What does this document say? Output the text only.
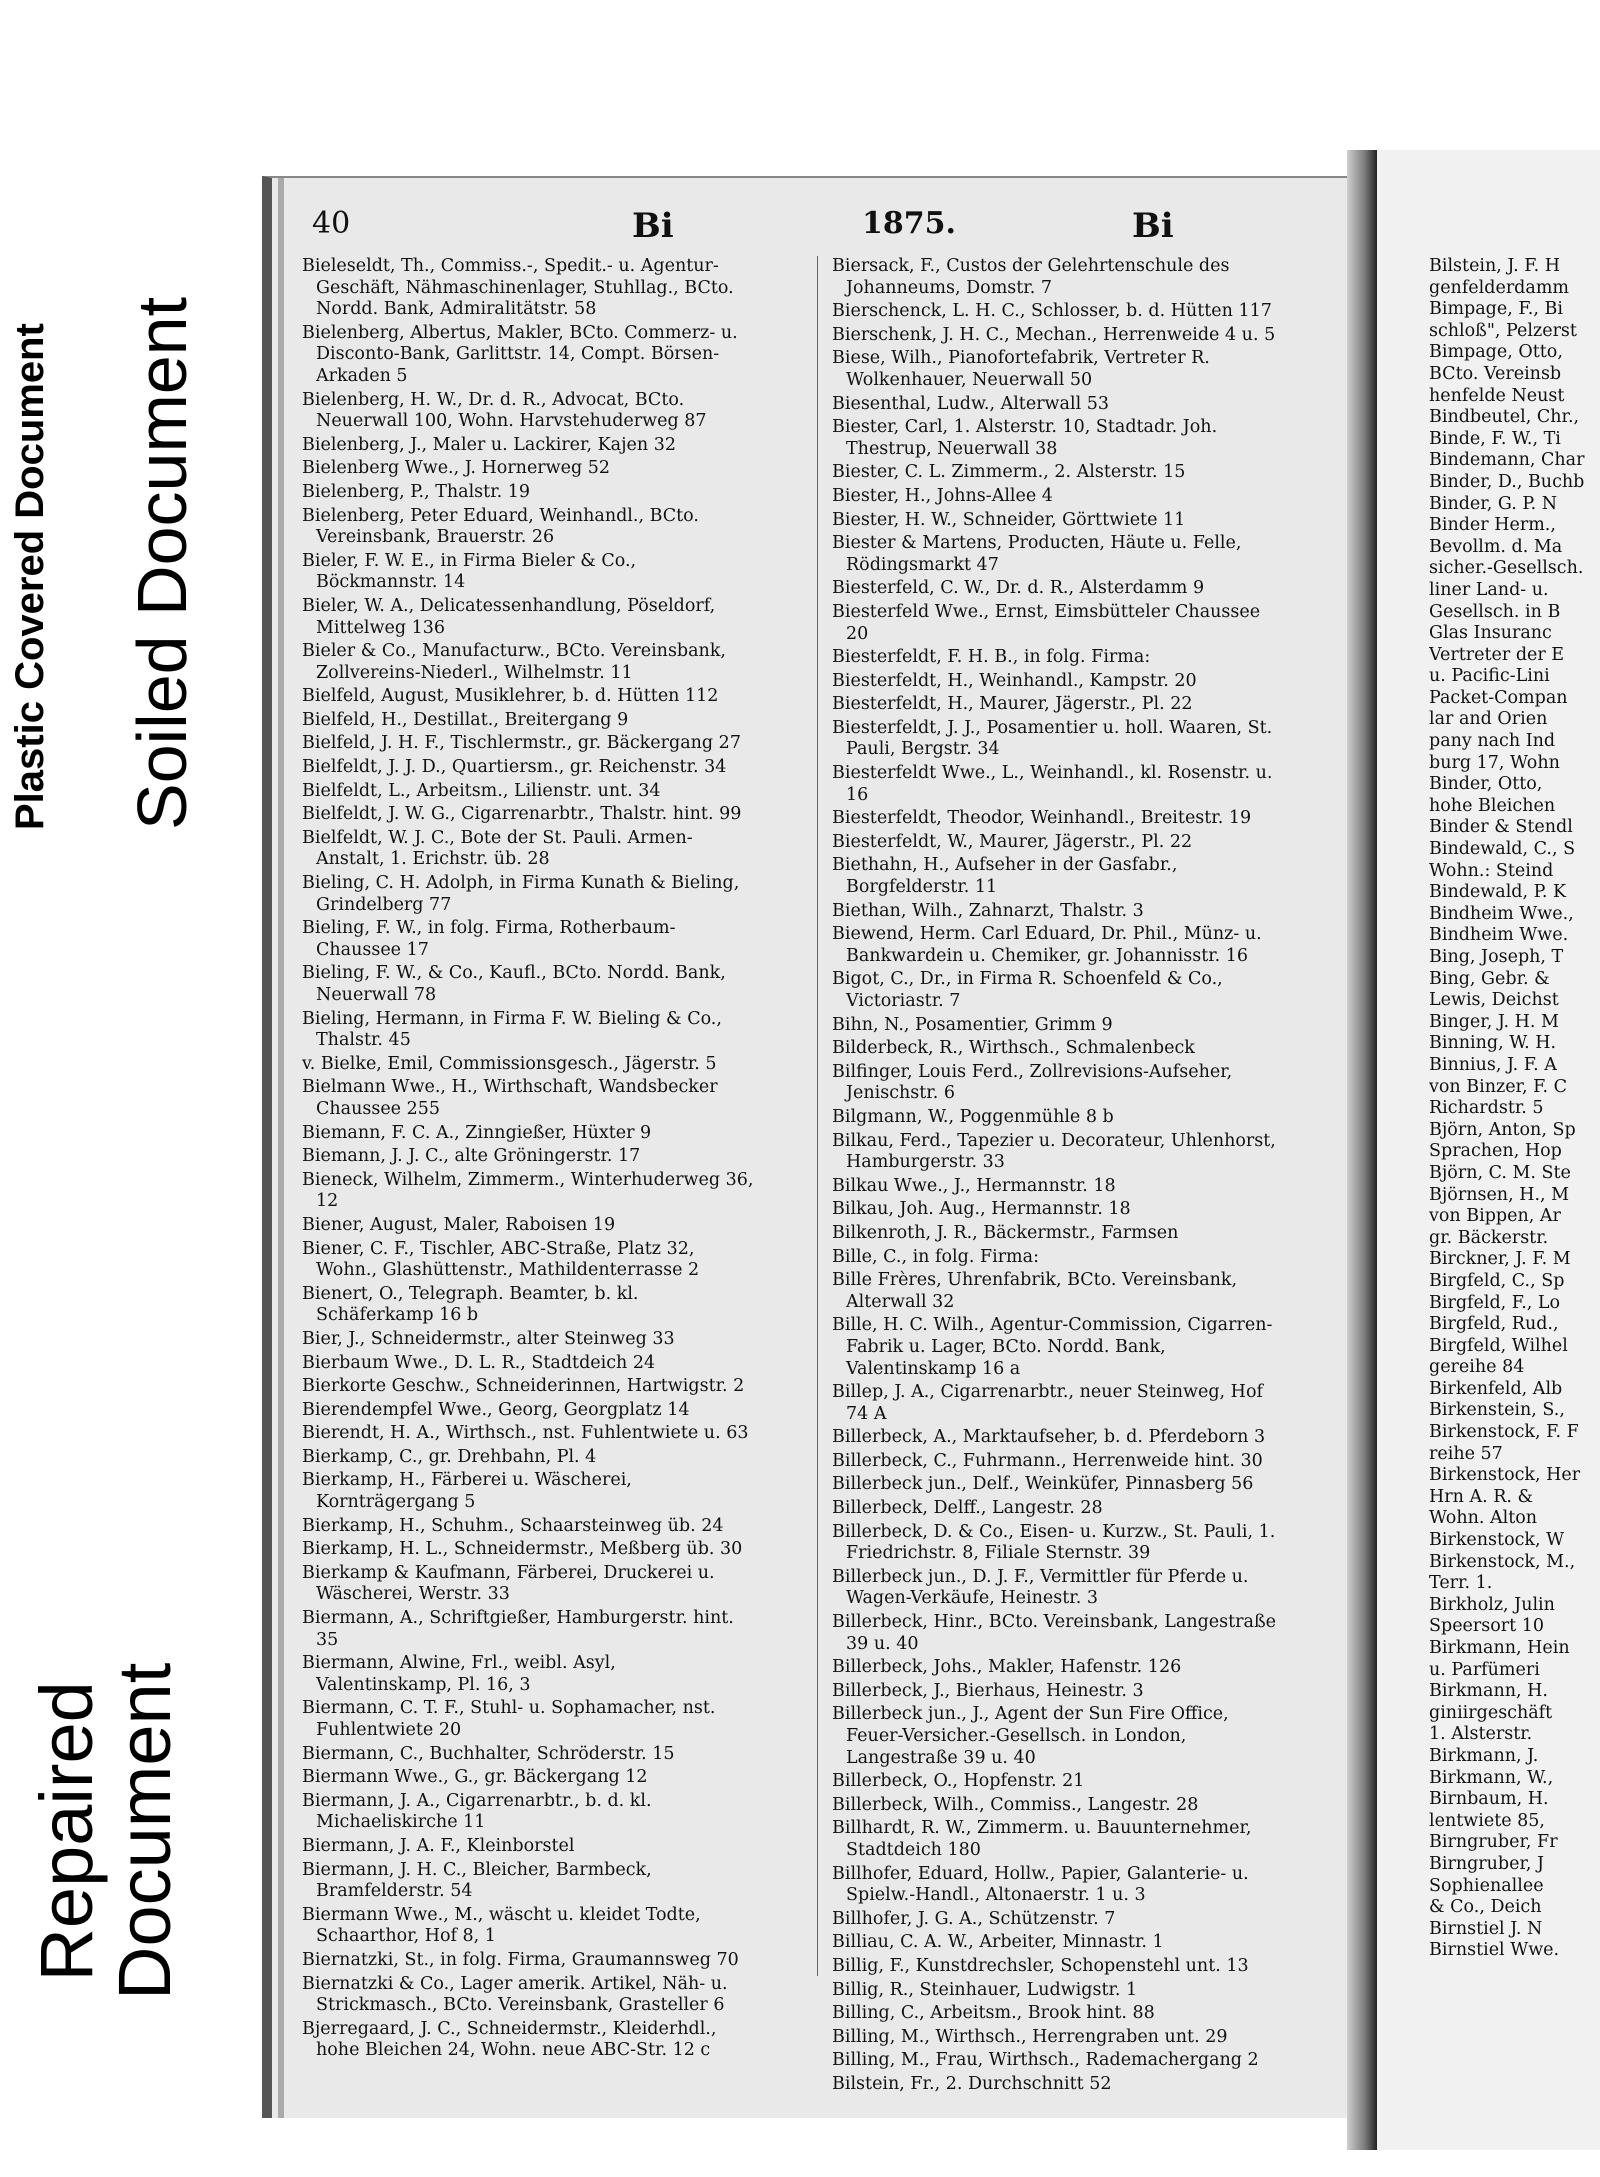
Plastic Covered Document Soiled Document
Repaired
Document
40	Bi	1875.	Bi
Bieleseldt, Th., Commiss.-, Spedit.- u. Agentur-Geschäft, Nähmaschinenlager, Stuhllag., BCto. Nordd. Bank, Admiralitätstr. 58
Bielenberg, Albertus, Makler, BCto. Commerz- u. Disconto-Bank, Garlittstr. 14, Compt. Börsen-Arkaden 5
Bielenberg, H. W., Dr. d. R., Advocat, BCto. Neuerwall 100, Wohn. Harvstehuderweg 87
Bielenberg, J., Maler u. Lackirer, Kajen 32
Bielenberg Wwe., J. Hornerweg 52
Bielenberg, P., Thalstr. 19
Bielenberg, Peter Eduard, Weinhandl., BCto. Vereinsbank, Brauerstr. 26
Bieler, F. W. E., in Firma Bieler & Co., Böckmannstr. 14
Bieler, W. A., Delicatessenhandlung, Pöseldorf, Mittelweg 136
Bieler & Co., Manufacturw., BCto. Vereinsbank, Zollvereins-Niederl., Wilhelmstr. 11
Bielfeld, August, Musiklehrer, b. d. Hütten 112
Bielfeld, H., Destillat., Breitergang 9
Bielfeld, J. H. F., Tischlermstr., gr. Bäckergang 27
Bielfeldt, J. J. D., Quartiersm., gr. Reichenstr. 34
Bielfeldt, L., Arbeitsm., Lilienstr. unt. 34
Bielfeldt, J. W. G., Cigarrenarbtr., Thalstr. hint. 99
Bielfeldt, W. J. C., Bote der St. Pauli. Armen-Anstalt, 1. Erichstr. üb. 28
Bieling, C. H. Adolph, in Firma Kunath & Bieling, Grindelberg 77
Bieling, F. W., in folg. Firma, Rotherbaum-Chaussee 17
Bieling, F. W., & Co., Kaufl., BCto. Nordd. Bank, Neuerwall 78
Bieling, Hermann, in Firma F. W. Bieling & Co., Thalstr. 45
v. Bielke, Emil, Commissionsgesch., Jägerstr. 5
Bielmann Wwe., H., Wirthschaft, Wandsbecker Chaussee 255
Biemann, F. C. A., Zinngießer, Hüxter 9
Biemann, J. J. C., alte Gröningerstr. 17
Bieneck, Wilhelm, Zimmerm., Winterhuderweg 36, 12
Biener, August, Maler, Raboisen 19
Biener, C. F., Tischler, ABC-Straße, Platz 32, Wohn., Glashüttenstr., Mathildenterrasse 2
Bienert, O., Telegraph. Beamter, b. kl. Schäferkamp 16 b
Bier, J., Schneidermstr., alter Steinweg 33
Bierbaum Wwe., D. L. R., Stadtdeich 24
Bierkorte Geschw., Schneiderinnen, Hartwigstr. 2
Bierendempfel Wwe., Georg, Georgplatz 14
Bierendt, H. A., Wirthsch., nst. Fuhlentwiete u. 63
Bierkamp, C., gr. Drehbahn, Pl. 4
Bierkamp, H., Färberei u. Wäscherei, Kornträgergang 5
Bierkamp, H., Schuhm., Schaarsteinweg üb. 24
Bierkamp, H. L., Schneidermstr., Meßberg üb. 30
Bierkamp & Kaufmann, Färberei, Druckerei u. Wäscherei, Werstr. 33
Biermann, A., Schriftgießer, Hamburgerstr. hint. 35
Biermann, Alwine, Frl., weibl. Asyl, Valentinskamp, Pl. 16, 3
Biermann, C. T. F., Stuhl- u. Sophamacher, nst. Fuhlentwiete 20
Biermann, C., Buchhalter, Schröderstr. 15
Biermann Wwe., G., gr. Bäckergang 12
Biermann, J. A., Cigarrenarbtr., b. d. kl. Michaeliskirche 11
Biermann, J. A. F., Kleinborstel
Biermann, J. H. C., Bleicher, Barmbeck, Bramfelderstr. 54
Biermann Wwe., M., wäscht u. kleidet Todte, Schaarthor, Hof 8, 1
Biernatzki, St., in folg. Firma, Graumannsweg 70
Biernatzki & Co., Lager amerik. Artikel, Näh- u. Strickmasch., BCto. Vereinsbank, Grasteller 6
Bjerregaard, J. C., Schneidermstr., Kleiderhdl., hohe Bleichen 24, Wohn. neue ABC-Str. 12 c
Biersack, F., Custos der Gelehrtenschule des Johanneums, Domstr. 7
Bierschenck, L. H. C., Schlosser, b. d. Hütten 117
Bierschenk, J. H. C., Mechan., Herrenweide 4 u. 5
Biese, Wilh., Pianofortefabrik, Vertreter R. Wolkenhauer, Neuerwall 50
Biesenthal, Ludw., Alterwall 53
Biester, Carl, 1. Alsterstr. 10, Stadtadr. Joh. Thestrup, Neuerwall 38
Biester, C. L. Zimmerm., 2. Alsterstr. 15
Biester, H., Johns-Allee 4
Biester, H. W., Schneider, Görttwiete 11
Biester & Martens, Producten, Häute u. Felle, Rödingsmarkt 47
Biesterfeld, C. W., Dr. d. R., Alsterdamm 9
Biesterfeld Wwe., Ernst, Eimsbütteler Chaussee 20
Biesterfeldt, F. H. B., in folg. Firma:
Biesterfeldt, H., Weinhandl., Kampstr. 20
Biesterfeldt, H., Maurer, Jägerstr., Pl. 22
Biesterfeldt, J. J., Posamentier u. holl. Waaren, St. Pauli, Bergstr. 34
Biesterfeldt Wwe., L., Weinhandl., kl. Rosenstr. u. 16
Biesterfeldt, Theodor, Weinhandl., Breitestr. 19
Biesterfeldt, W., Maurer, Jägerstr., Pl. 22
Biethahn, H., Aufseher in der Gasfabr., Borgfelderstr. 11
Biethan, Wilh., Zahnarzt, Thalstr. 3
Biewend, Herm. Carl Eduard, Dr. Phil., Münz- u. Bankwardein u. Chemiker, gr. Johannisstr. 16
Bigot, C., Dr., in Firma R. Schoenfeld & Co., Victoriastr. 7
Bihn, N., Posamentier, Grimm 9
Bilderbeck, R., Wirthsch., Schmalenbeck
Bilfinger, Louis Ferd., Zollrevisions-Aufseher, Jenischstr. 6
Bilgmann, W., Poggenmühle 8 b
Bilkau, Ferd., Tapezier u. Decorateur, Uhlenhorst, Hamburgerstr. 33
Bilkau Wwe., J., Hermannstr. 18
Bilkau, Joh. Aug., Hermannstr. 18
Bilkenroth, J. R., Bäckermstr., Farmsen
Bille, C., in folg. Firma:
Bille Frères, Uhrenfabrik, BCto. Vereinsbank, Alterwall 32
Bille, H. C. Wilh., Agentur-Commission, Cigarren-Fabrik u. Lager, BCto. Nordd. Bank, Valentinskamp 16 a
Billep, J. A., Cigarrenarbtr., neuer Steinweg, Hof 74 A
Billerbeck, A., Marktaufseher, b. d. Pferdeborn 3
Billerbeck, C., Fuhrmann., Herrenweide hint. 30
Billerbeck jun., Delf., Weinküfer, Pinnasberg 56
Billerbeck, Delff., Langestr. 28
Billerbeck, D. & Co., Eisen- u. Kurzw., St. Pauli, 1. Friedrichstr. 8, Filiale Sternstr. 39
Billerbeck jun., D. J. F., Vermittler für Pferde u. Wagen-Verkäufe, Heinestr. 3
Billerbeck, Hinr., BCto. Vereinsbank, Langestraße 39 u. 40
Billerbeck, Johs., Makler, Hafenstr. 126
Billerbeck, J., Bierhaus, Heinestr. 3
Billerbeck jun., J., Agent der Sun Fire Office, Feuer-Versicher.-Gesellsch. in London, Langestraße 39 u. 40
Billerbeck, O., Hopfenstr. 21
Billerbeck, Wilh., Commiss., Langestr. 28
Billhardt, R. W., Zimmerm. u. Bauunternehmer, Stadtdeich 180
Billhofer, Eduard, Hollw., Papier, Galanterie- u. Spielw.-Handl., Altonaerstr. 1 u. 3
Billhofer, J. G. A., Schützenstr. 7
Billiau, C. A. W., Arbeiter, Minnastr. 1
Billig, F., Kunstdrechsler, Schopenstehl unt. 13
Billig, R., Steinhauer, Ludwigstr. 1
Billing, C., Arbeitsm., Brook hint. 88
Billing, M., Wirthsch., Herrengraben unt. 29
Billing, M., Frau, Wirthsch., Rademachergang 2
Bilstein, Fr., 2. Durchschnitt 52
Bilstein, J. F. H
genfelderdamm
Bimpage, F., Bi
schloß", Pelzerst
Bimpage, Otto,
BCto. Vereinsb
henfelde Neust
Bindbeutel, Chr.,
Binde, F. W., Ti
Bindemann, Char
Binder, D., Buchb
Binder, G. P. N
Binder Herm.,
Bevollm. d. Ma
sicher.-Gesellsch.
liner Land- u.
Gesellsch. in B
Glas Insuranc
Vertreter der E
u. Pacific-Lini
Packet-Compan
lar and Orien
pany nach Ind
burg 17, Wohn
Binder, Otto,
hohe Bleichen
Binder & Stendl
Bindewald, C., S
Wohn.: Steind
Bindewald, P. K
Bindheim Wwe.,
Bindheim Wwe.
Bing, Joseph, T
Bing, Gebr. &
Lewis, Deichst
Binger, J. H. M
Binning, W. H.
Binnius, J. F. A
von Binzer, F. C
Richardstr. 5
Björn, Anton, Sp
Sprachen, Hop
Björn, C. M. Ste
Björnsen, H., M
von Bippen, Ar
gr. Bäckerstr.
Birckner, J. F. M
Birgfeld, C., Sp
Birgfeld, F., Lo
Birgfeld, Rud.,
Birgfeld, Wilhel
gereihe 84
Birkenfeld, Alb
Birkenstein, S.,
Birkenstock, F. F
reihe 57
Birkenstock, Her
Hrn A. R. &
Wohn. Alton
Birkenstock, W
Birkenstock, M.,
Terr. 1.
Birkholz, Julin
Speersort 10
Birkmann, Hein
u. Parfümeri
Birkmann, H.
giniirgeschäft
1. Alsterstr.
Birkmann, J.
Birkmann, W.,
Birnbaum, H.
lentwiete 85,
Birngruber, Fr
Birngruber, J
Sophienallee
& Co., Deich
Birnstiel J. N
Birnstiel Wwe.
